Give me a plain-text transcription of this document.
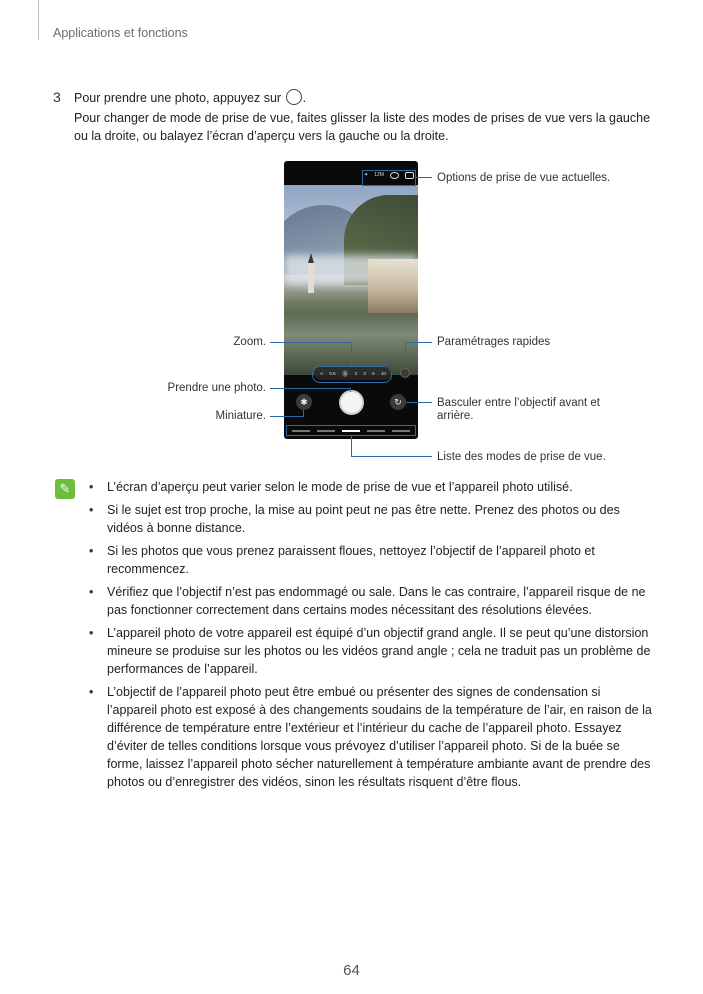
Applications et fonctions
3 Pour prendre une photo, appuyez sur .
Pour changer de mode de prise de vue, faites glisser la liste des modes de prises de vue vers la gauche ou la droite, ou balayez l’écran d’aperçu vers la gauche ou la droite.
✦ 12M
A 0.6	1	2 3 5 10
✱	↻
Options de prise de vue actuelles.
Zoom.	Paramétrages rapides
Prendre une photo.
Miniature.
Basculer entre l’objectif avant et arrière.
Liste des modes de prise de vue.
✎
•	L’écran d’aperçu peut varier selon le mode de prise de vue et l’appareil photo utilisé.
• Si le sujet est trop proche, la mise au point peut ne pas être nette. Prenez des photos ou des vidéos à bonne distance.
• Si les photos que vous prenez paraissent floues, nettoyez l’objectif de l’appareil photo et recommencez.
• Vérifiez que l’objectif n’est pas endommagé ou sale. Dans le cas contraire, l’appareil risque de ne pas fonctionner correctement dans certains modes nécessitant des résolutions élevées.
• L’appareil photo de votre appareil est équipé d’un objectif grand angle. Il se peut qu’une distorsion mineure se produise sur les photos ou les vidéos grand angle ; cela ne traduit pas un problème de performances de l’appareil.
• L’objectif de l’appareil photo peut être embué ou présenter des signes de condensation si l’appareil photo est exposé à des changements soudains de la température de l’air, en raison de la différence de température entre l’extérieur et l’intérieur du cache de l’appareil photo. Essayez d’éviter de telles conditions lorsque vous prévoyez d’utiliser l’appareil photo. Si de la buée se forme, laissez l’appareil photo sécher naturellement à température ambiante avant de prendre des photos ou d’enregistrer des vidéos, sinon les résultats risquent d’être flous.
64
